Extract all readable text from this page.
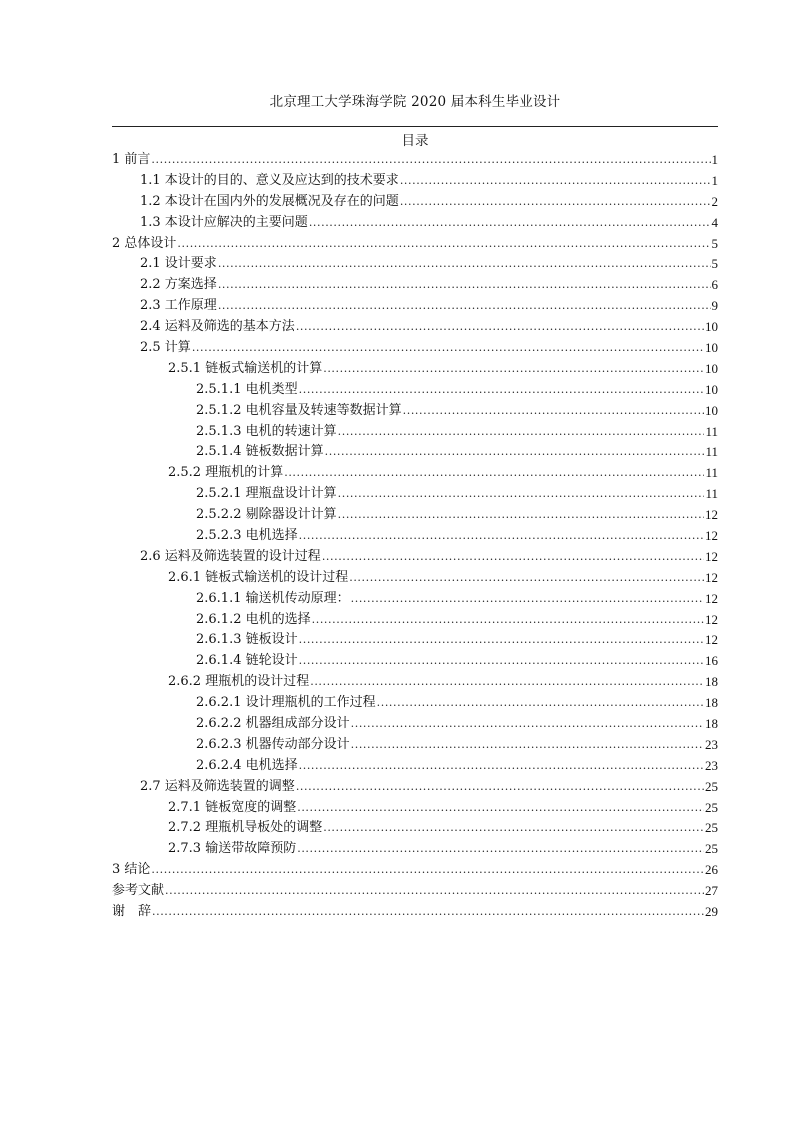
北京理工大学珠海学院 2020 届本科生毕业设计
目录
1 前言 .....	1
1.1 本设计的目的、意义及应达到的技术要求 .....	1
1.2 本设计在国内外的发展概况及存在的问题 .....	2
1.3 本设计应解决的主要问题 .....	4
2 总体设计 .....	5
2.1 设计要求 .....	5
2.2 方案选择 .....	6
2.3 工作原理 .....	9
2.4 运料及筛选的基本方法 .....	10
2.5 计算 .....	10
2.5.1 链板式输送机的计算 .....	10
2.5.1.1 电机类型 .....	10
2.5.1.2 电机容量及转速等数据计算 .....	10
2.5.1.3 电机的转速计算 .....	11
2.5.1.4 链板数据计算 .....	11
2.5.2 理瓶机的计算 .....	11
2.5.2.1 理瓶盘设计计算 .....	11
2.5.2.2 剔除器设计计算 .....	12
2.5.2.3 电机选择 .....	12
2.6 运料及筛选装置的设计过程 .....	12
2.6.1 链板式输送机的设计过程 .....	12
2.6.1.1 输送机传动原理： .....	12
2.6.1.2 电机的选择 .....	12
2.6.1.3 链板设计 .....	12
2.6.1.4 链轮设计 .....	16
2.6.2 理瓶机的设计过程 .....	18
2.6.2.1 设计理瓶机的工作过程 .....	18
2.6.2.2 机器组成部分设计 .....	18
2.6.2.3 机器传动部分设计 .....	23
2.6.2.4 电机选择 .....	23
2.7 运料及筛选装置的调整 .....	25
2.7.1 链板宽度的调整 .....	25
2.7.2 理瓶机导板处的调整 .....	25
2.7.3 输送带故障预防 .....	25
3 结论 .....	26
参考文献 .....	27
谢　辞 .....	29
